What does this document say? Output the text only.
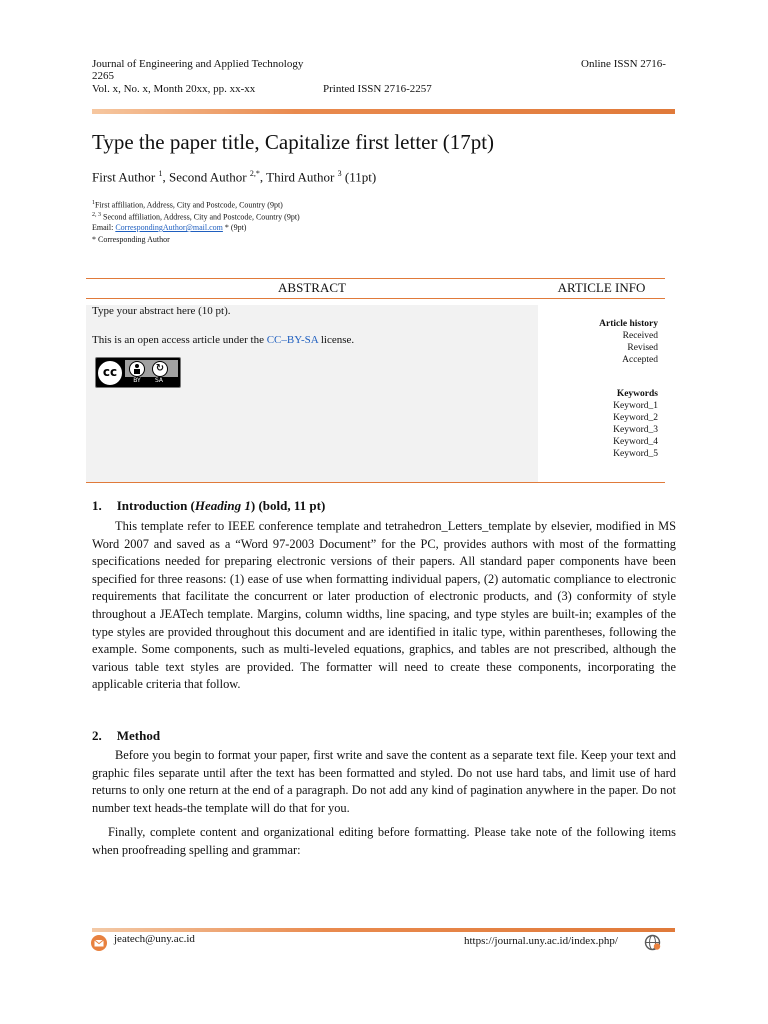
Journal of Engineering and Applied Technology	Online ISSN 2716-
2265
Vol. x, No. x, Month 20xx, pp. xx-xx	Printed ISSN 2716-2257
Type the paper title, Capitalize first letter (17pt)
First Author $^1$, Second Author $^{2,*}$, Third Author $^3$ (11pt)
$^1$First affiliation, Address, City and Postcode, Country (9pt)
$^{2, 3}$ Second affiliation, Address, City and Postcode, Country (9pt)
Email: CorrespondingAuthor@mail.com * (9pt)
* Corresponding Author
ABSTRACT	ARTICLE INFO
Type your abstract here (10 pt).
This is an open access article under the CC–BY-SA license.
cc	↻
BY	SA
Article history
Received
Revised
Accepted
Keywords
Keyword_1
Keyword_2
Keyword_3
Keyword_4
Keyword_5
1. Introduction (Heading 1) (bold, 11 pt)
This template refer to IEEE conference template and tetrahedron_Letters_template by elsevier, modified in MS Word 2007 and saved as a “Word 97-2003 Document” for the PC, provides authors with most of the formatting specifications needed for preparing electronic versions of their papers. All standard paper components have been specified for three reasons: (1) ease of use when formatting individual papers, (2) automatic compliance to electronic requirements that facilitate the concurrent or later production of electronic products, and (3) conformity of style throughout a JEATech template. Margins, column widths, line spacing, and type styles are built-in; examples of the type styles are provided throughout this document and are identified in italic type, within parentheses, following the example. Some components, such as multi-leveled equations, graphics, and tables are not prescribed, although the various table text styles are provided. The formatter will need to create these components, incorporating the applicable criteria that follow.
2. Method
Before you begin to format your paper, first write and save the content as a separate text file. Keep your text and graphic files separate until after the text has been formatted and styled. Do not use hard tabs, and limit use of hard returns to only one return at the end of a paragraph. Do not add any kind of pagination anywhere in the paper. Do not number text heads-the template will do that for you.
Finally, complete content and organizational editing before formatting. Please take note of the following items when proofreading spelling and grammar:
jeatech@uny.ac.id	https://journal.uny.ac.id/index.php/
